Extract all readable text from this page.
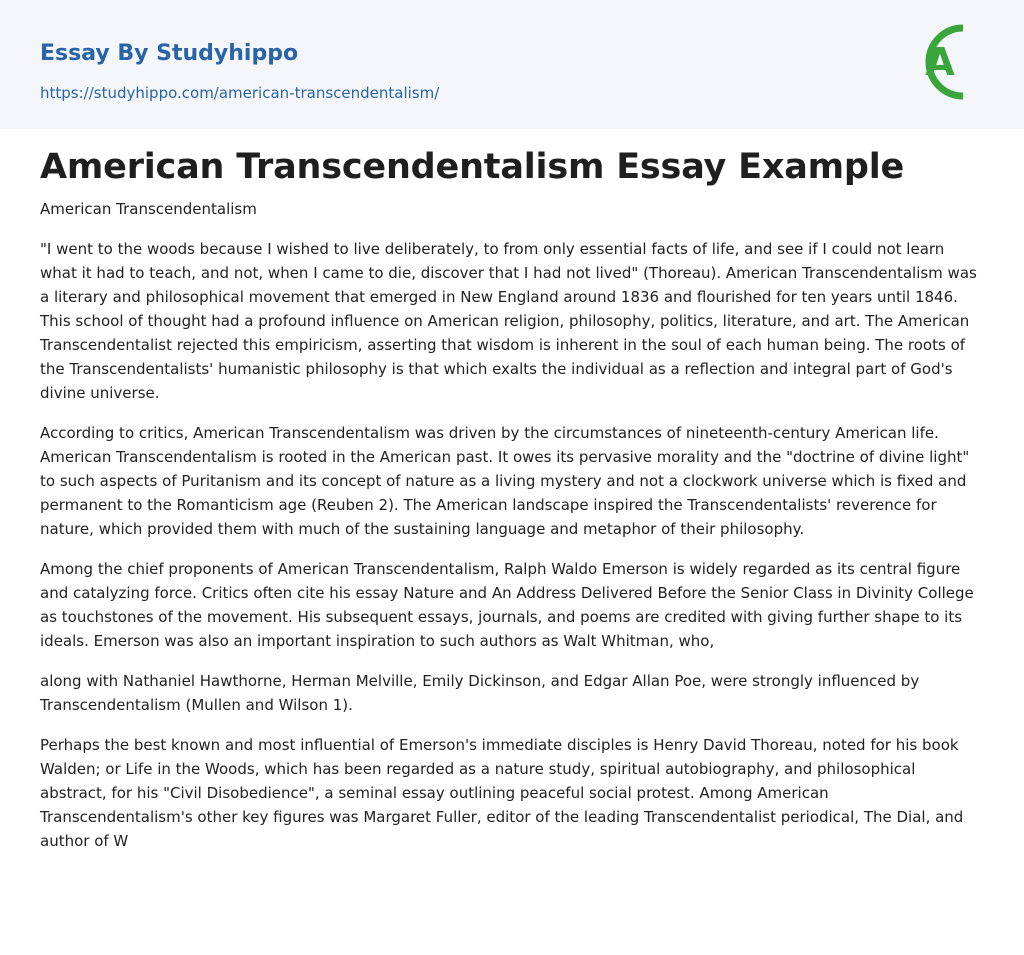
Essay By Studyhippo
https://studyhippo.com/american-transcendentalism/
A
American Transcendentalism Essay Example
American Transcendentalism

"I went to the woods because I wished to live deliberately, to from only essential facts of life, and see if I could not learn what it had to teach, and not, when I came to die, discover that I had not lived" (Thoreau). American Transcendentalism was a literary and philosophical movement that emerged in New England around 1836 and flourished for ten years until 1846. This school of thought had a profound influence on American religion, philosophy, politics, literature, and art. The American Transcendentalist rejected this empiricism, asserting that wisdom is inherent in the soul of each human being. The roots of the Transcendentalists' humanistic philosophy is that which exalts the individual as a reflection and integral part of God's divine universe.

According to critics, American Transcendentalism was driven by the circumstances of nineteenth-century American life. American Transcendentalism is rooted in the American past. It owes its pervasive morality and the "doctrine of divine light" to such aspects of Puritanism and its concept of nature as a living mystery and not a clockwork universe which is fixed and permanent to the Romanticism age (Reuben 2). The American landscape inspired the Transcendentalists' reverence for nature, which provided them with much of the sustaining language and metaphor of their philosophy.

Among the chief proponents of American Transcendentalism, Ralph Waldo Emerson is widely regarded as its central figure and catalyzing force. Critics often cite his essay Nature and An Address Delivered Before the Senior Class in Divinity College as touchstones of the movement. His subsequent essays, journals, and poems are credited with giving further shape to its ideals. Emerson was also an important inspiration to such authors as Walt Whitman, who,

along with Nathaniel Hawthorne, Herman Melville, Emily Dickinson, and Edgar Allan Poe, were strongly influenced by Transcendentalism (Mullen and Wilson 1).

Perhaps the best known and most influential of Emerson's immediate disciples is Henry David Thoreau, noted for his book Walden; or Life in the Woods, which has been regarded as a nature study, spiritual autobiography, and philosophical abstract, for his "Civil Disobedience", a seminal essay outlining peaceful social protest. Among American Transcendentalism's other key figures was Margaret Fuller, editor of the leading Transcendentalist periodical, The Dial, and author of W
